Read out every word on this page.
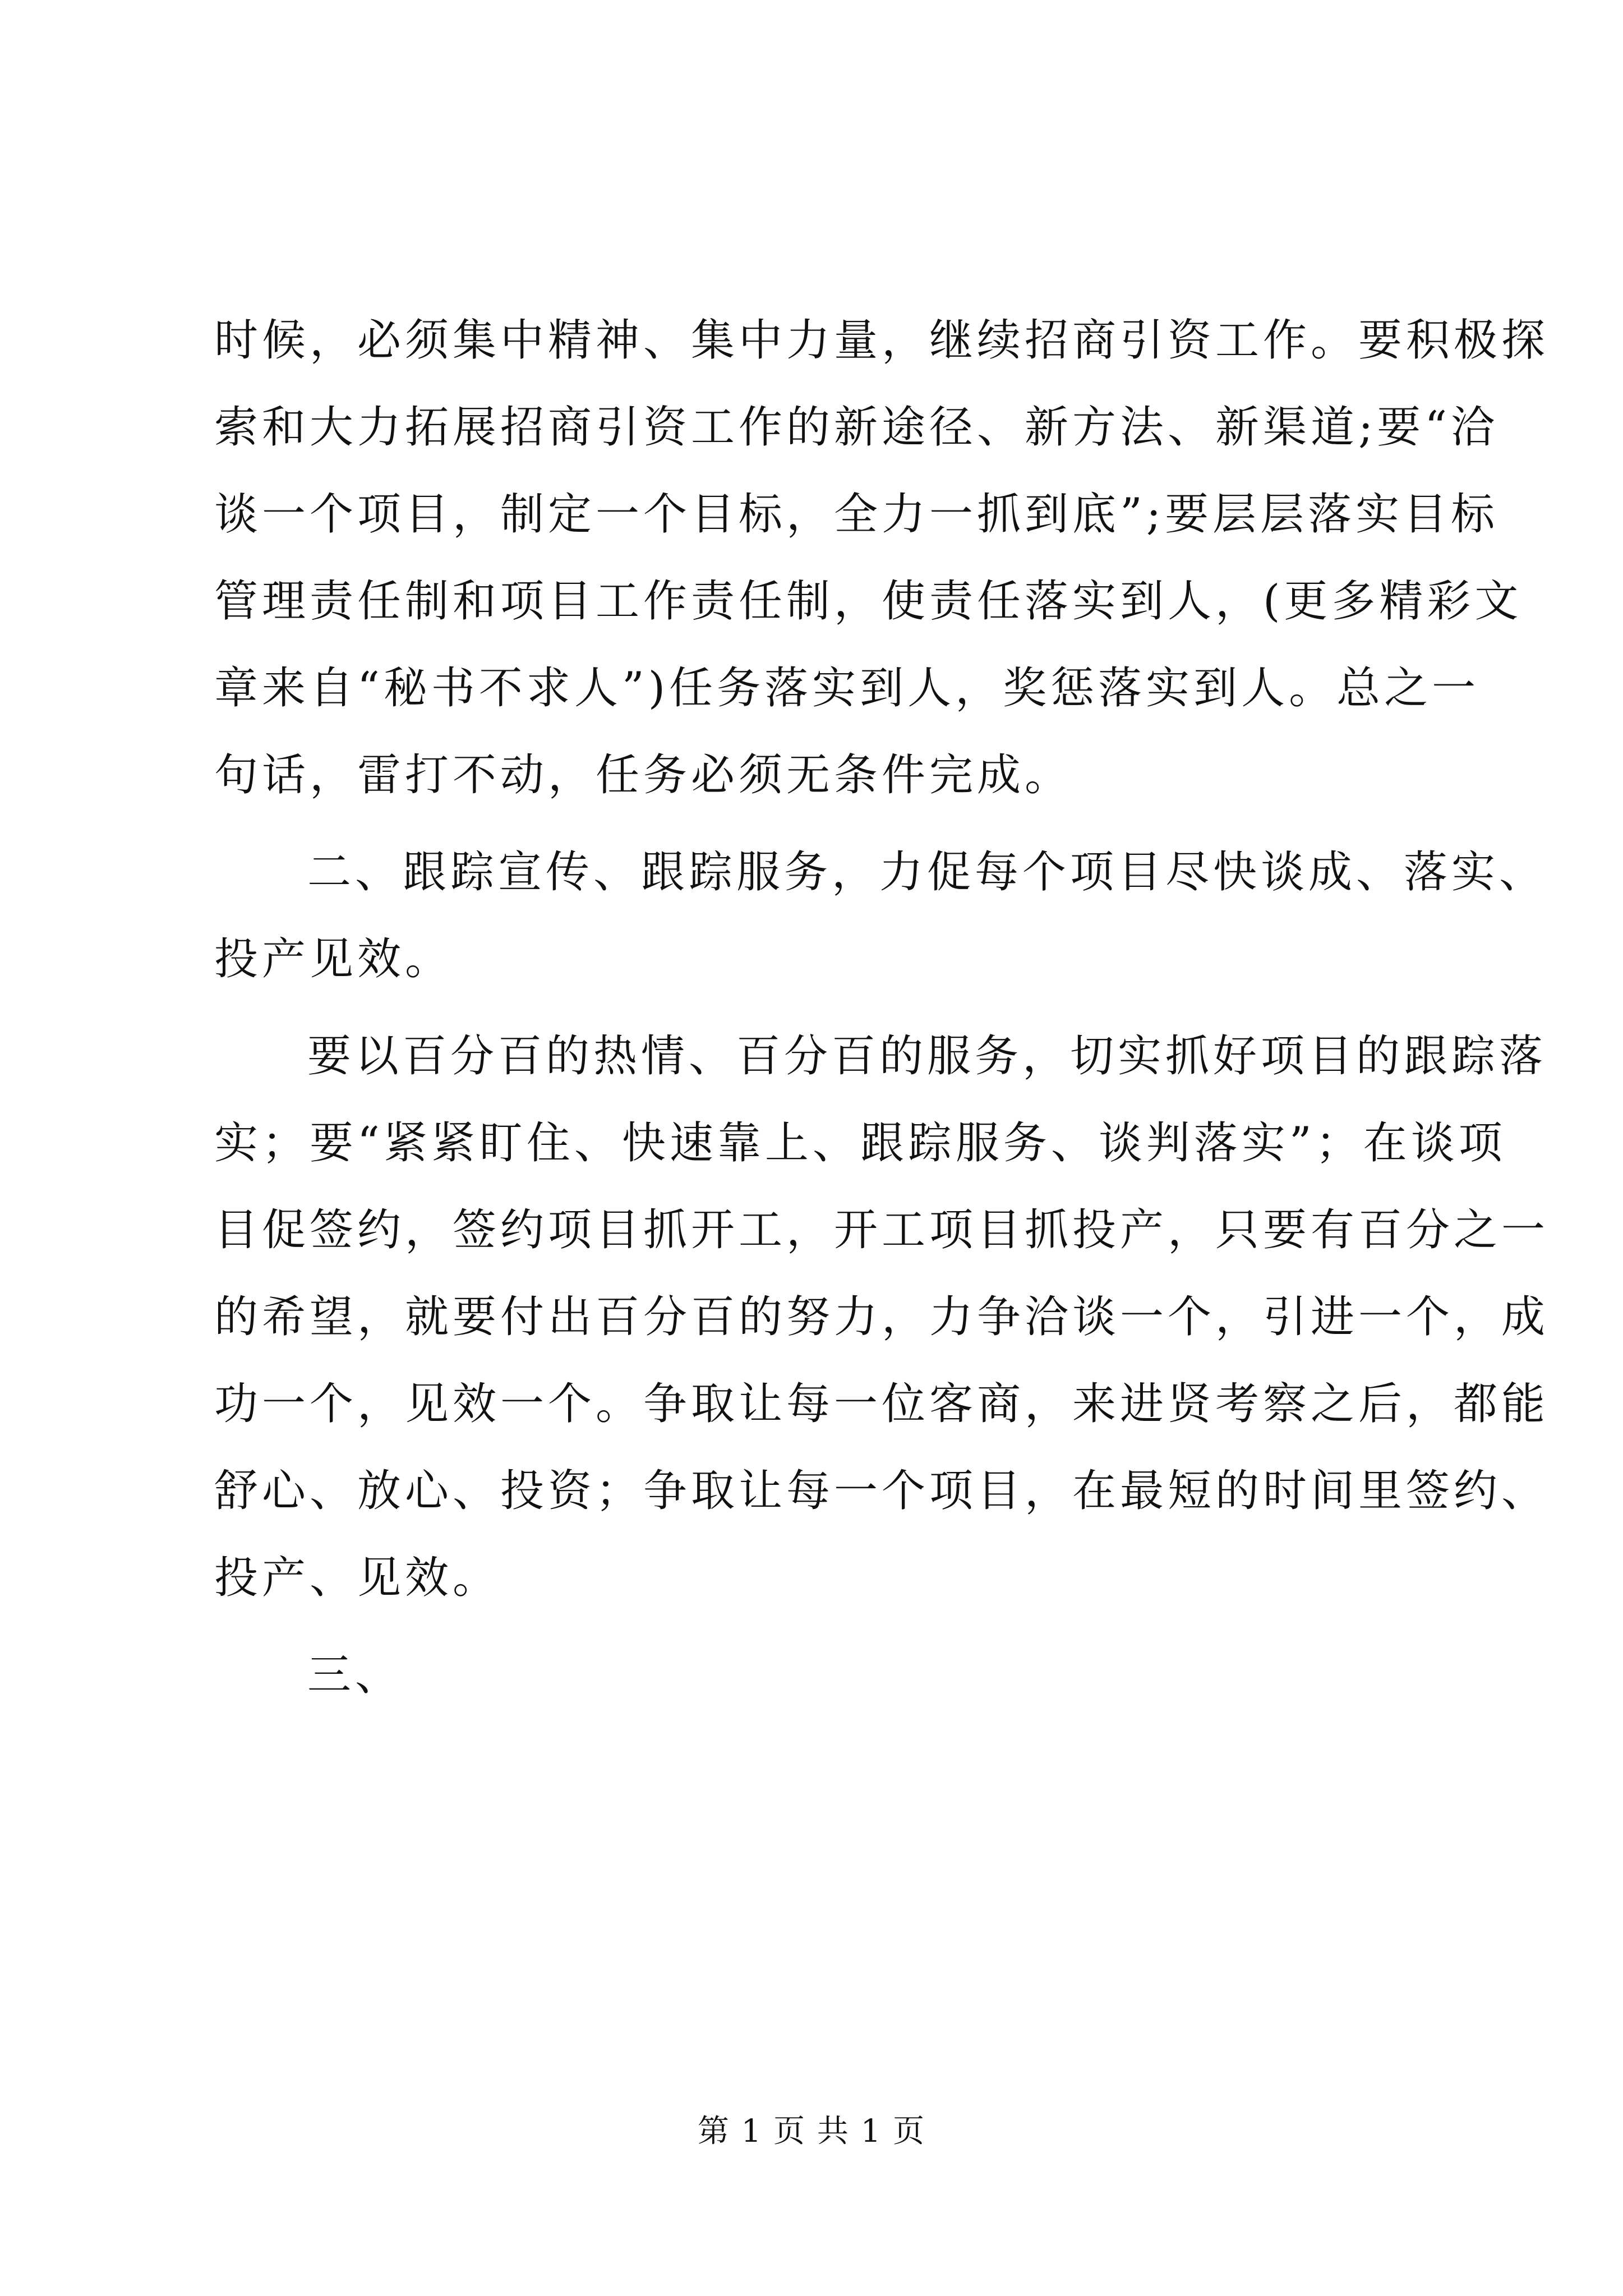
时候，必须集中精神、集中力量，继续招商引资工作。要积极探
索和大力拓展招商引资工作的新途径、新方法、新渠道;要“洽
谈一个项目，制定一个目标，全力一抓到底”;要层层落实目标
管理责任制和项目工作责任制，使责任落实到人，(更多精彩文
章来自“秘书不求人”)任务落实到人，奖惩落实到人。总之一
句话，雷打不动，任务必须无条件完成。
二、跟踪宣传、跟踪服务，力促每个项目尽快谈成、落实、
投产见效。
要以百分百的热情、百分百的服务，切实抓好项目的跟踪落
实；要“紧紧盯住、快速靠上、跟踪服务、谈判落实”；在谈项
目促签约，签约项目抓开工，开工项目抓投产，只要有百分之一
的希望，就要付出百分百的努力，力争洽谈一个，引进一个，成
功一个，见效一个。争取让每一位客商，来进贤考察之后，都能
舒心、放心、投资；争取让每一个项目，在最短的时间里签约、
投产、见效。
三、
第 1 页 共 1 页
